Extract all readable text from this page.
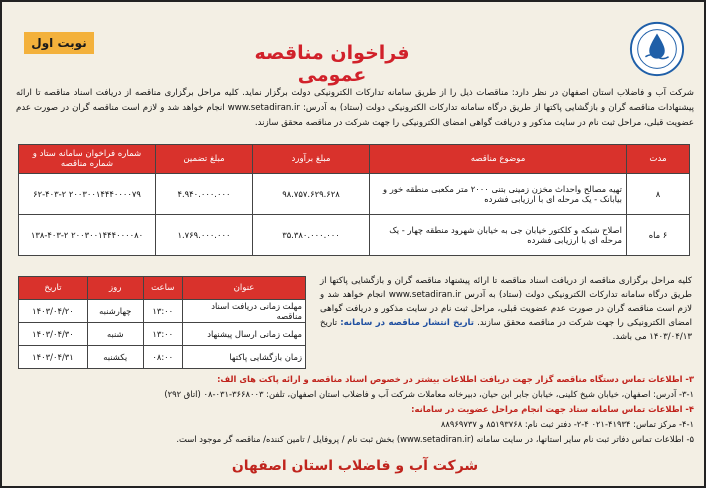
نوبت اول	فراخوان مناقصه عمومی
شرکت آب و فاضلاب استان اصفهان در نظر دارد: مناقصات ذیل را از طریق سامانه تدارکات الکترونیکی دولت برگزار نماید. کلیه مراحل برگزاری مناقصه از دریافت اسناد مناقصه تا ارائه پیشنهادات مناقصه گران و بازگشایی پاکتها از طریق درگاه سامانه تدارکات الکترونیکی دولت (ستاد) به آدرس: www.setadiran.ir انجام خواهد شد و لازم است مناقصه گران در صورت عدم عضویت قبلی، مراحل ثبت نام در سایت مذکور و دریافت گواهی امضای الکترونیکی را جهت شرکت در مناقصه محقق سازند.
مدت	موضوع مناقصه	مبلغ برآورد	مبلغ تضمین	شماره فراخوان سامانه ستاد و شماره مناقصه
۸	تهیه مصالح واحداث مخزن زمینی بتنی ۲۰۰۰ متر مکعبی منطقه خور و بیابانک - یک مرحله ای با ارزیابی فشرده	۹۸.۷۵۷.۶۲۹.۶۲۸	۴.۹۴۰.۰۰۰.۰۰۰	۲۰۰۳۰۰۱۴۴۴۰۰۰۰۷۹ ۶۲-۴۰۳-۲
۶ ماه	اصلاح شبکه و کلکتور خیابان جی به خیابان شهرود منطقه چهار - یک مرحله ای با ارزیابی فشرده	۳۵.۳۸۰.۰۰۰.۰۰۰	۱.۷۶۹.۰۰۰.۰۰۰	۲۰۰۳۰۰۱۴۴۴۰۰۰۰۸۰ ۱۳۸-۴۰۳-۲
کلیه مراحل برگزاری مناقصه از دریافت اسناد مناقصه تا ارائه پیشنهاد مناقصه گران و بازگشایی پاکتها از طریق درگاه سامانه تدارکات الکترونیکی دولت (ستاد) به آدرس www.setadiran.ir انجام خواهد شد و لازم است مناقصه گران در صورت عدم عضویت قبلی، مراحل ثبت نام در سایت مذکور و دریافت گواهی امضای الکترونیکی را جهت شرکت در مناقصه محقق سازند. تاریخ انتشار مناقصه در سامانه: تاریخ ۱۴۰۳/۰۴/۱۳ می باشد.
عنوان	ساعت	روز	تاریخ
مهلت زمانی دریافت اسناد مناقصه	۱۳:۰۰	چهارشنبه	۱۴۰۳/۰۴/۲۰
مهلت زمانی ارسال پیشنهاد	۱۳:۰۰	شنبه	۱۴۰۳/۰۴/۳۰
زمان بازگشایی پاکتها	۰۸:۰۰	یکشنبه	۱۴۰۳/۰۴/۳۱
۳- اطلاعات تماس دستگاه مناقصه گزار جهت دریافت اطلاعات بیشتر در خصوص اسناد مناقصه و ارائه پاکت های الف:
۳-۱- آدرس: اصفهان، خیابان شیخ کلینی، خیابان جابر ابن حیان، دبیرخانه معاملات شرکت آب و فاضلاب استان اصفهان، تلفن: ۳۶۶۸۰۰۳-۰۳۱-۰۸ (اتاق ۲۹۲)
۴- اطلاعات تماس سامانه ستاد جهت انجام مراحل عضویت در سامانه:
۴-۱- مرکز تماس: ۴۱۹۳۴-۰۲۱ ۴-۲- دفتر ثبت نام: ۸۵۱۹۳۷۶۸ و ۸۸۹۶۹۷۳۷
۵- اطلاعات تماس دفاتر ثبت نام سایر استانها، در سایت سامانه (www.setadiran.ir) بخش ثبت نام / پروفایل / تامین کننده/ مناقصه گر موجود است.
شرکت آب و فاضلاب استان اصفهان
